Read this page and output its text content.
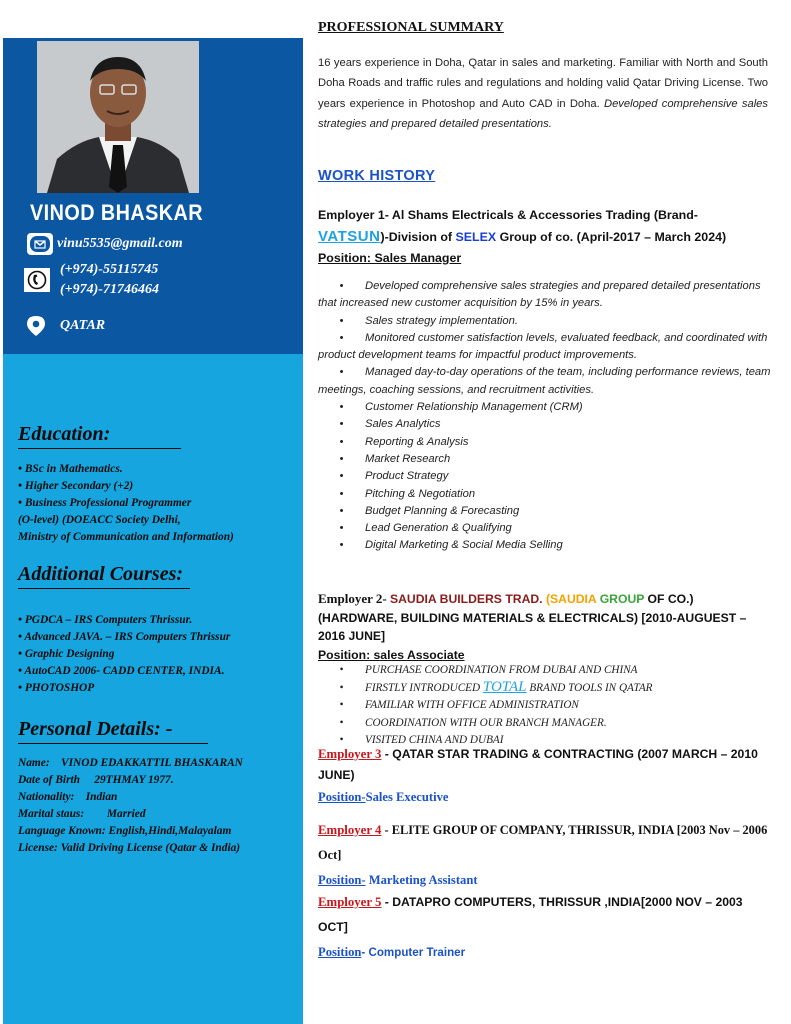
VINOD BHASKAR
vinu5535@gmail.com
(+974)-55115745
(+974)-71746464
QATAR
Education:
• BSc in Mathematics.
• Higher Secondary (+2)
• Business Professional Programmer
(O-level) (DOEACC Society Delhi,
Ministry of Communication and Information)
Additional Courses:
• PGDCA – IRS Computers Thrissur.
• Advanced JAVA. – IRS Computers Thrissur
• Graphic Designing
• AutoCAD 2006- CADD CENTER, INDIA.
• PHOTOSHOP
Personal Details: -
Name:    VINOD EDAKKATTIL BHASKARAN
Date of Birth     29THMAY 1977.
Nationality:    Indian
Marital staus:        Married
Language Known: English,Hindi,Malayalam
License: Valid Driving License (Qatar & India)
PROFESSIONAL SUMMARY
16 years experience in Doha, Qatar in sales and marketing. Familiar with North and South Doha Roads and traffic rules and regulations and holding valid Qatar Driving License. Two years experience in Photoshop and Auto CAD in Doha. Developed comprehensive sales strategies and prepared detailed presentations.
WORK HISTORY
Employer 1- Al Shams Electricals & Accessories Trading (Brand-VATSUN)-Division of SELEX Group of co. (April-2017 – March 2024)
Position: Sales Manager
• Developed comprehensive sales strategies and prepared detailed presentations that increased new customer acquisition by 15% in years.
• Sales strategy implementation.
• Monitored customer satisfaction levels, evaluated feedback, and coordinated with product development teams for impactful product improvements.
• Managed day-to-day operations of the team, including performance reviews, team meetings, coaching sessions, and recruitment activities.
• Customer Relationship Management (CRM)
• Sales Analytics
• Reporting & Analysis
• Market Research
• Product Strategy
• Pitching & Negotiation
• Budget Planning & Forecasting
• Lead Generation & Qualifying
• Digital Marketing & Social Media Selling
Employer 2- SAUDIA BUILDERS TRAD. (SAUDIA GROUP OF CO.)
(HARDWARE, BUILDING MATERIALS & ELECTRICALS) [2010-AUGUEST – 2016 JUNE]
Position: sales Associate
• PURCHASE COORDINATION FROM DUBAI AND CHINA
• FIRSTLY INTRODUCED TOTAL BRAND TOOLS IN QATAR
• FAMILIAR WITH OFFICE ADMINISTRATION
• COORDINATION WITH OUR BRANCH MANAGER.
• VISITED CHINA AND DUBAI
Employer 3 - QATAR STAR TRADING & CONTRACTING (2007 MARCH – 2010 JUNE)

Position-Sales Executive
Employer 4 - ELITE GROUP OF COMPANY, THRISSUR, INDIA [2003 Nov – 2006 Oct]
Position- Marketing Assistant
Employer 5 - DATAPRO COMPUTERS, THRISSUR ,INDIA[2000 NOV – 2003 OCT]
Position- Computer Trainer
